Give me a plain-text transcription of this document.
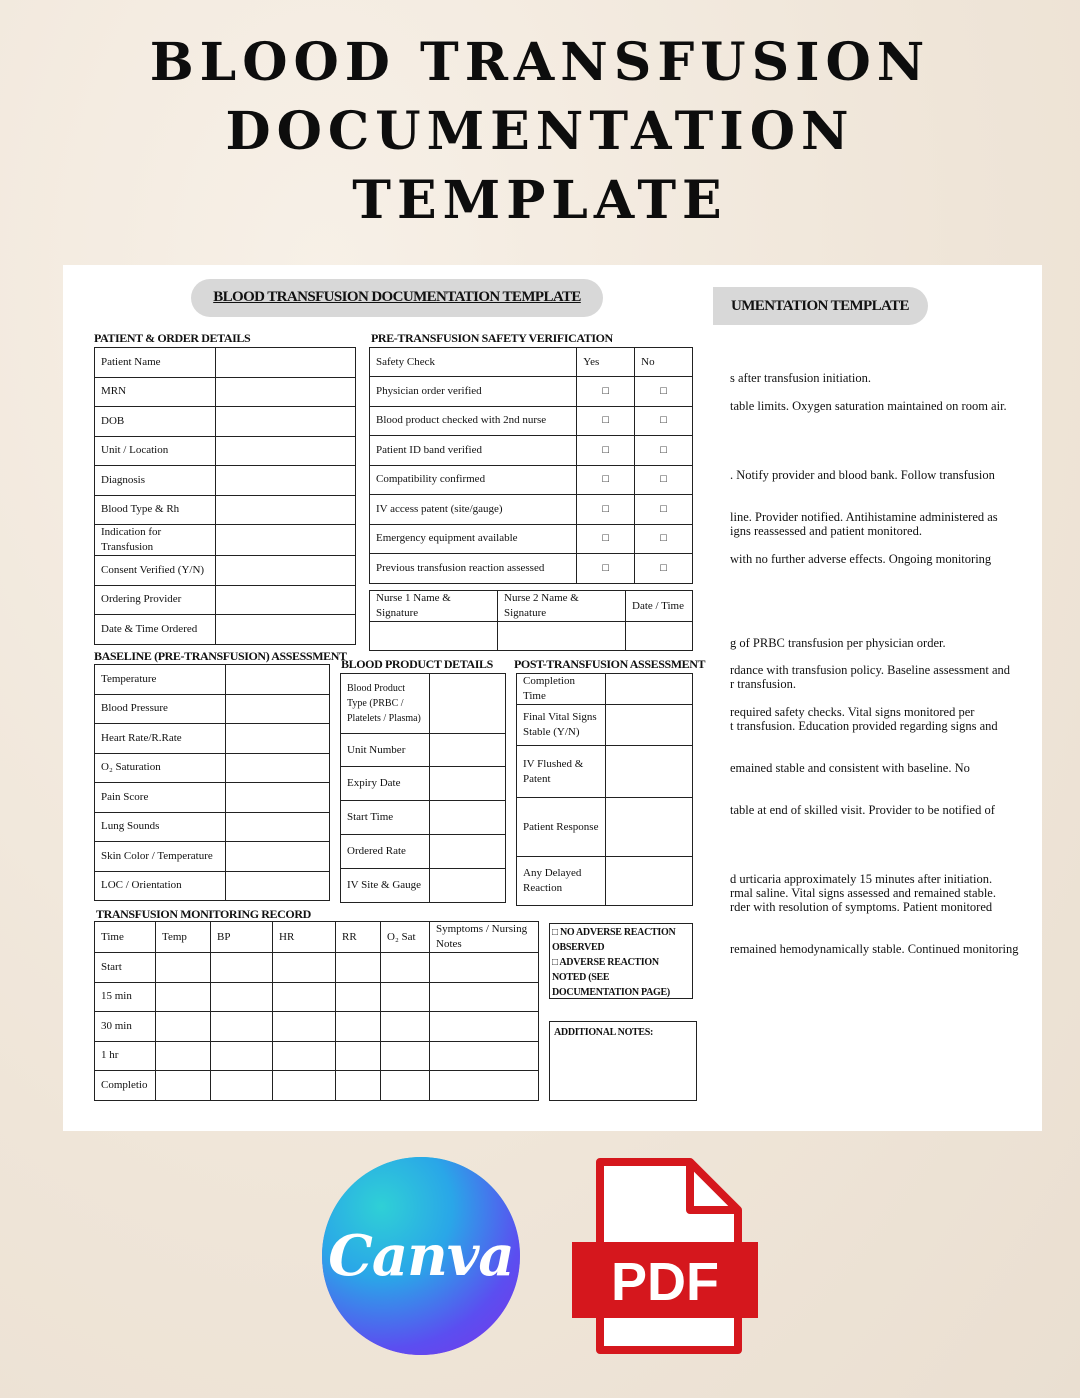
BLOOD TRANSFUSION
DOCUMENTATION
TEMPLATE
UMENTATION TEMPLATE
s after transfusion initiation.
table limits. Oxygen saturation maintained on room air.
. Notify provider and blood bank. Follow transfusion
line. Provider notified. Antihistamine administered as
igns reassessed and patient monitored.
with no further adverse effects. Ongoing monitoring
g of PRBC transfusion per physician order.
rdance with transfusion policy. Baseline assessment and
r transfusion.
required safety checks. Vital signs monitored per
t transfusion. Education provided regarding signs and
emained stable and consistent with baseline. No
table at end of skilled visit. Provider to be notified of
d urticaria approximately 15 minutes after initiation.
rmal saline. Vital signs assessed and remained stable.
rder with resolution of symptoms. Patient monitored
remained hemodynamically stable. Continued monitoring
BLOOD TRANSFUSION DOCUMENTATION TEMPLATE
PATIENT & ORDER DETAILS
Patient Name	
MRN	
DOB	
Unit / Location	
Diagnosis	
Blood Type & Rh	
Indication for Transfusion	
Consent Verified (Y/N)	
Ordering Provider	
Date & Time Ordered	
PRE-TRANSFUSION SAFETY VERIFICATION
Safety Check	Yes	No
Physician order verified	□	□
Blood product checked with 2nd nurse	□	□
Patient ID band verified	□	□
Compatibility confirmed	□	□
IV access patent (site/gauge)	□	□
Emergency equipment available	□	□
Previous transfusion reaction assessed	□	□
Nurse 1 Name & Signature	Nurse 2 Name & Signature	Date / Time

BASELINE (PRE-TRANSFUSION) ASSESSMENT
Temperature	
Blood Pressure	
Heart Rate/R.Rate	
O₂ Saturation	
Pain Score	
Lung Sounds	
Skin Color / Temperature	
LOC / Orientation	
BLOOD PRODUCT DETAILS
Blood Product Type (PRBC / Platelets / Plasma)	
Unit Number	
Expiry Date	
Start Time	
Ordered Rate	
IV Site & Gauge	
POST-TRANSFUSION ASSESSMENT
Completion Time	
Final Vital Signs Stable (Y/N)	
IV Flushed & Patent	
Patient Response	
Any Delayed Reaction	
TRANSFUSION MONITORING RECORD
Time	Temp	BP	HR	RR	O₂ Sat	Symptoms / Nursing Notes
Start						
15 min						
30 min						
1 hr						
Completio						
□ NO ADVERSE REACTION
OBSERVED
□ ADVERSE REACTION
NOTED (SEE
DOCUMENTATION PAGE)
ADDITIONAL NOTES:
Canva PDF
